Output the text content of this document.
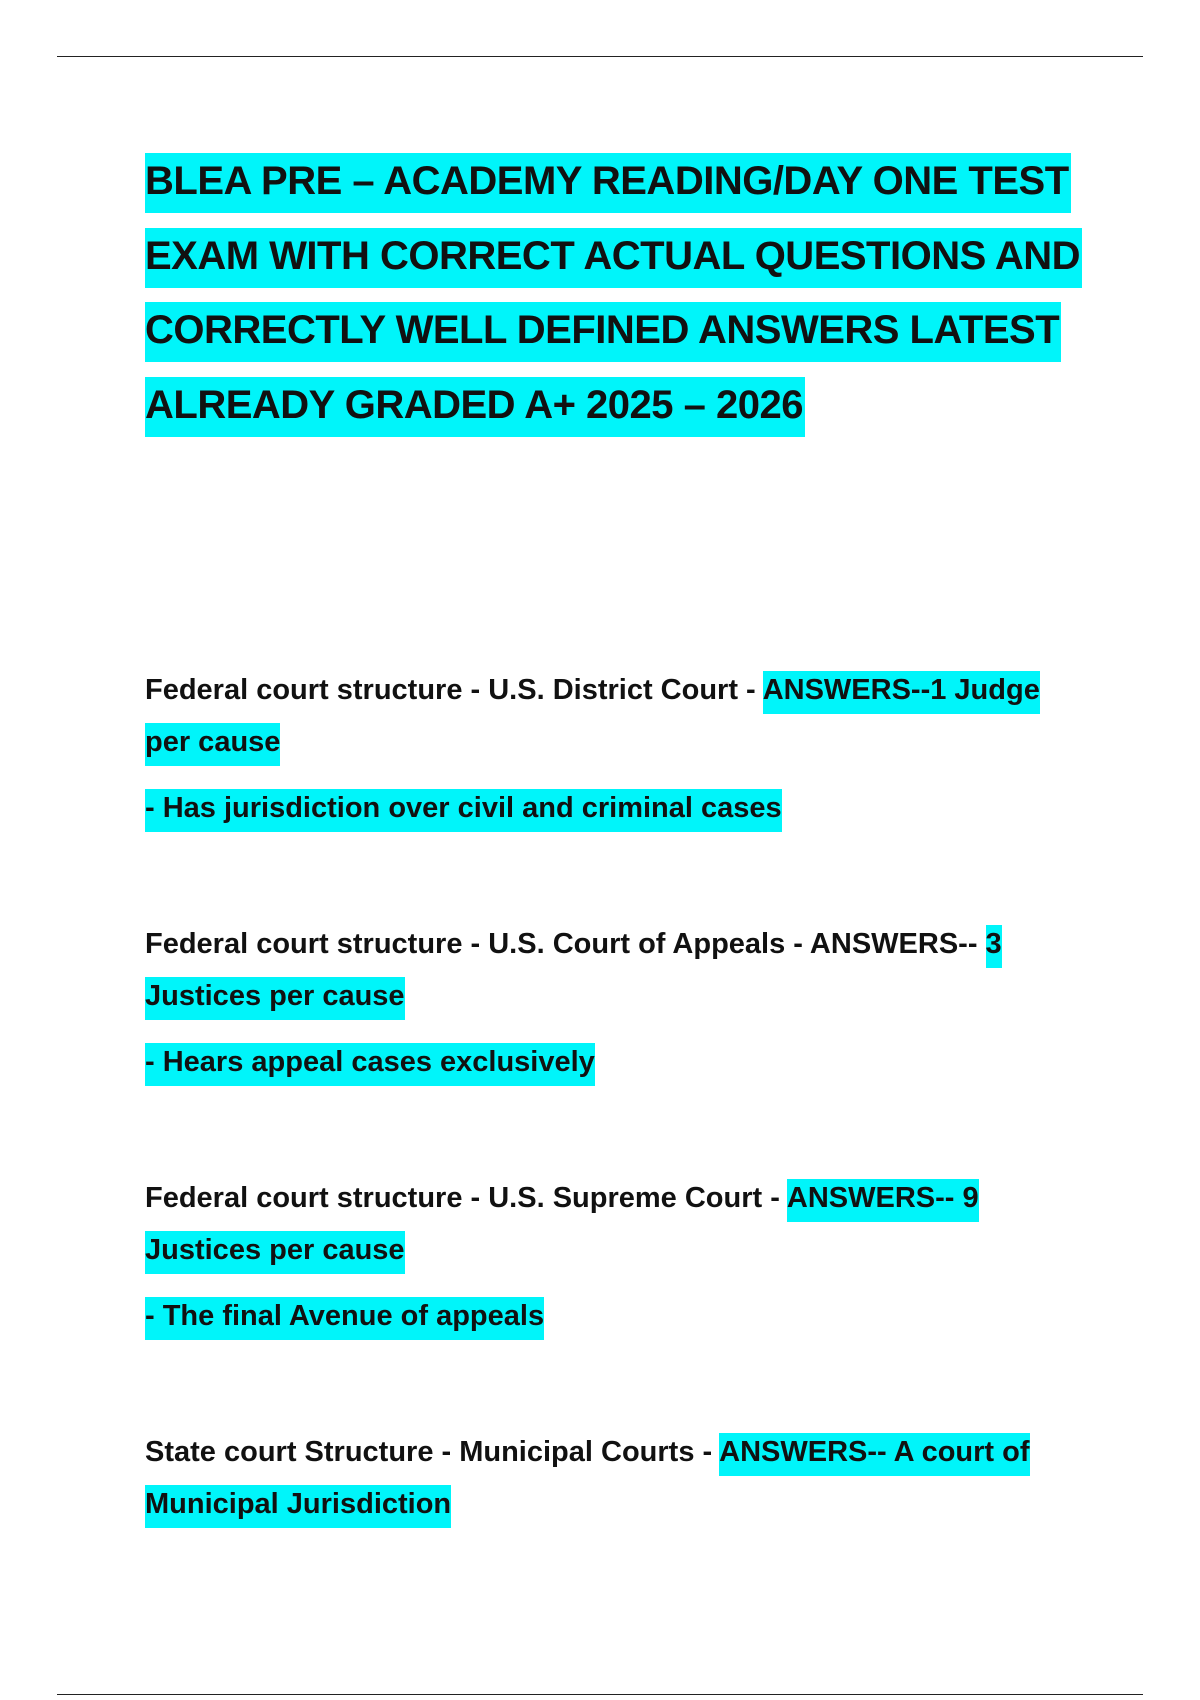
BLEA PRE – ACADEMY READING/DAY ONE TEST EXAM WITH CORRECT ACTUAL QUESTIONS AND CORRECTLY WELL DEFINED ANSWERS LATEST ALREADY GRADED A+ 2025 – 2026

Federal court structure - U.S. District Court - ANSWERS--1 Judge per cause

- Has jurisdiction over civil and criminal cases

Federal court structure - U.S. Court of Appeals - ANSWERS-- 3 Justices per cause

- Hears appeal cases exclusively

Federal court structure - U.S. Supreme Court - ANSWERS-- 9 Justices per cause

- The final Avenue of appeals

State court Structure - Municipal Courts - ANSWERS-- A court of Municipal Jurisdiction
